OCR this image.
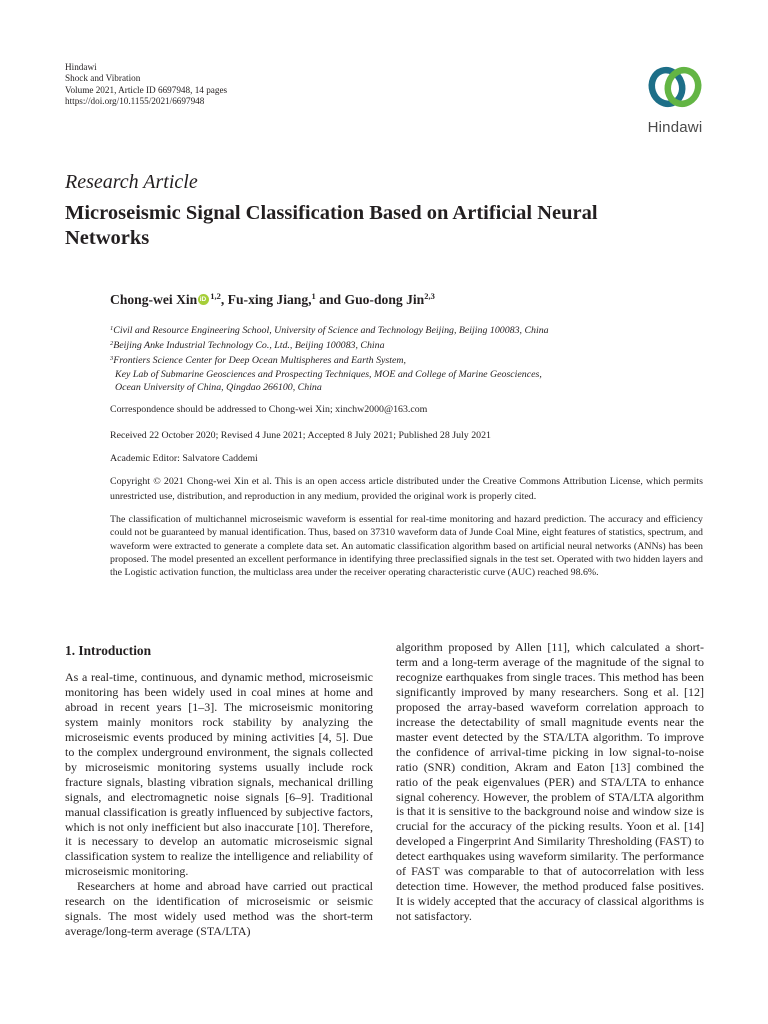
Hindawi
Shock and Vibration
Volume 2021, Article ID 6697948, 14 pages
https://doi.org/10.1155/2021/6697948
Hindawi
Research Article
Microseismic Signal Classification Based on Artificial Neural Networks
Chong-wei XiniD $^{1,2}$, Fu-xing Jiang,$^1$ and Guo-dong Jin$^{2,3}$
$^1$Civil and Resource Engineering School, University of Science and Technology Beijing, Beijing 100083, China
$^2$Beijing Anke Industrial Technology Co., Ltd., Beijing 100083, China
$^3$Frontiers Science Center for Deep Ocean Multispheres and Earth System,
Key Lab of Submarine Geosciences and Prospecting Techniques, MOE and College of Marine Geosciences,
Ocean University of China, Qingdao 266100, China
Correspondence should be addressed to Chong-wei Xin; xinchw2000@163.com
Received 22 October 2020; Revised 4 June 2021; Accepted 8 July 2021; Published 28 July 2021
Academic Editor: Salvatore Caddemi
Copyright © 2021 Chong-wei Xin et al. This is an open access article distributed under the Creative Commons Attribution License, which permits unrestricted use, distribution, and reproduction in any medium, provided the original work is properly cited.
The classification of multichannel microseismic waveform is essential for real-time monitoring and hazard prediction. The accuracy and efficiency could not be guaranteed by manual identification. Thus, based on 37310 waveform data of Junde Coal Mine, eight features of statistics, spectrum, and waveform were extracted to generate a complete data set. An automatic classification algorithm based on artificial neural networks (ANNs) has been proposed. The model presented an excellent performance in identifying three preclassified signals in the test set. Operated with two hidden layers and the Logistic activation function, the multiclass area under the receiver operating characteristic curve (AUC) reached 98.6%.
1. Introduction

As a real-time, continuous, and dynamic method, microseismic monitoring has been widely used in coal mines at home and abroad in recent years [1–3]. The microseismic monitoring system mainly monitors rock stability by analyzing the microseismic events produced by mining activities [4, 5]. Due to the complex underground environment, the signals collected by microseismic monitoring systems usually include rock fracture signals, blasting vibration signals, mechanical drilling signals, and electromagnetic noise signals [6–9]. Traditional manual classification is greatly influenced by subjective factors, which is not only inefficient but also inaccurate [10]. Therefore, it is necessary to develop an automatic microseismic signal classification system to realize the intelligence and reliability of microseismic monitoring.

Researchers at home and abroad have carried out practical research on the identification of microseismic or seismic signals. The most widely used method was the short-term average/long-term average (STA/LTA)

algorithm proposed by Allen [11], which calculated a short-term and a long-term average of the magnitude of the signal to recognize earthquakes from single traces. This method has been significantly improved by many researchers. Song et al. [12] proposed the array-based waveform correlation approach to increase the detectability of small magnitude events near the master event detected by the STA/LTA algorithm. To improve the confidence of arrival-time picking in low signal-to-noise ratio (SNR) condition, Akram and Eaton [13] combined the ratio of the peak eigenvalues (PER) and STA/LTA to enhance signal coherency. However, the problem of STA/LTA algorithm is that it is sensitive to the background noise and window size is crucial for the accuracy of the picking results. Yoon et al. [14] developed a Fingerprint And Similarity Thresholding (FAST) to detect earthquakes using waveform similarity. The performance of FAST was comparable to that of autocorrelation with less detection time. However, the method produced false positives. It is widely accepted that the accuracy of classical algorithms is not satisfactory.
